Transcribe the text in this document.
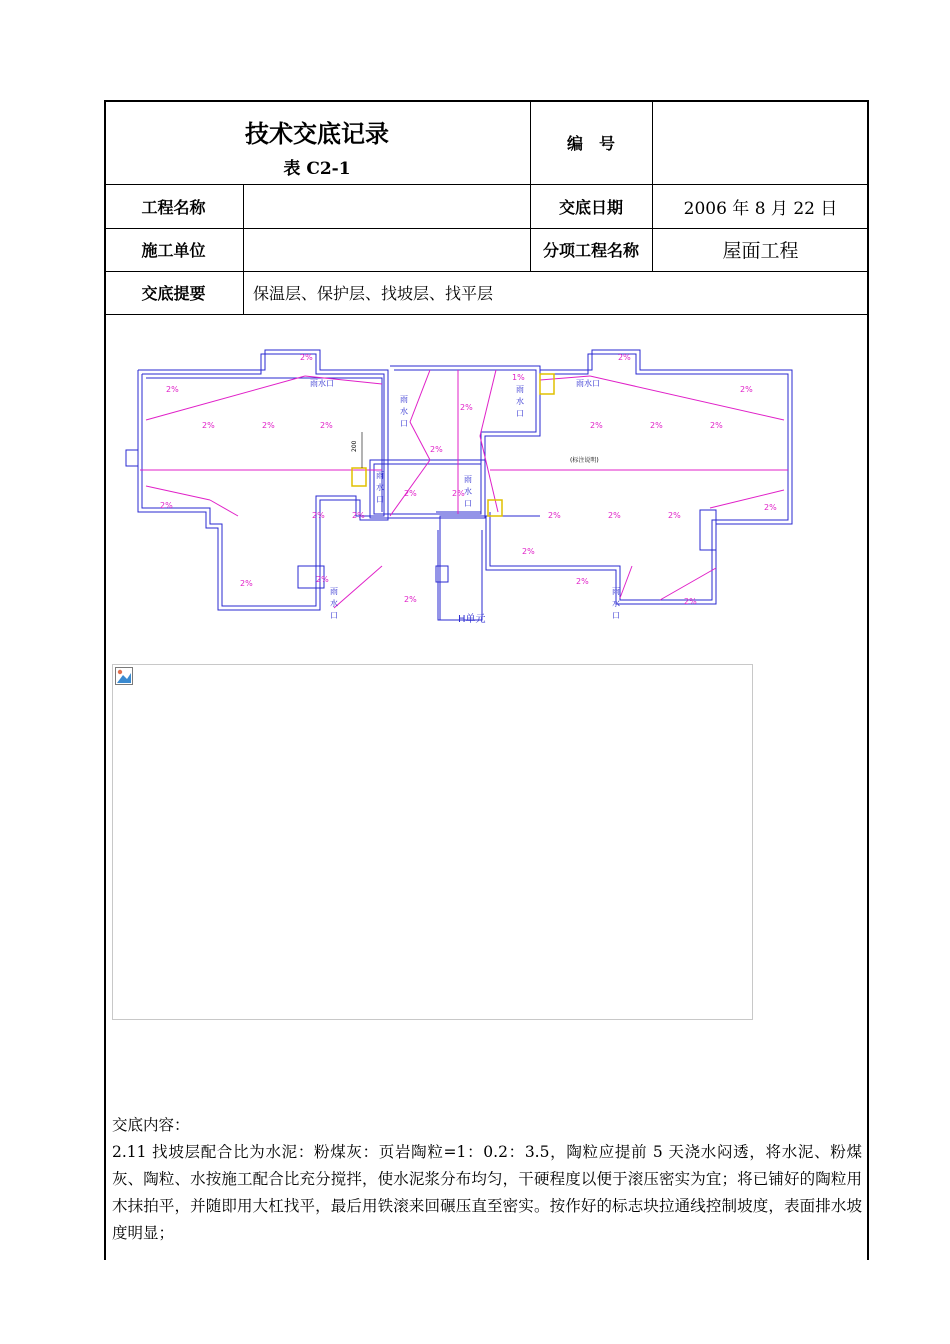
技术交底记录
表 C2-1
编　号
工程名称	交底日期	2006 年 8 月 22 日
施工单位	分项工程名称	屋面工程
交底提要	保温层、保护层、找坡层、找平层
2%
2%
2%	2%	2%
2%
2%	2%
2%	2%
2%
2%
2%
2%	2%
2%
2%
2%	2%	2%
2%	2%	2%
2%
2%
2%
2%
1%
雨水口	雨水口
雨
水
口
雨
水
口
雨
水
口
雨
水
口
雨
水
口
雨
水
口
H单元
(标注说明)
200
交底内容：
2.11 找坡层配合比为水泥：粉煤灰：页岩陶粒=1：0.2：3.5，陶粒应提前 5 天浇水闷透，将水泥、粉煤灰、陶粒、水按施工配合比充分搅拌，使水泥浆分布均匀，干硬程度以便于滚压密实为宜；将已铺好的陶粒用木抹拍平，并随即用大杠找平，最后用铁滚来回碾压直至密实。按作好的标志块拉通线控制坡度，表面排水坡度明显；
